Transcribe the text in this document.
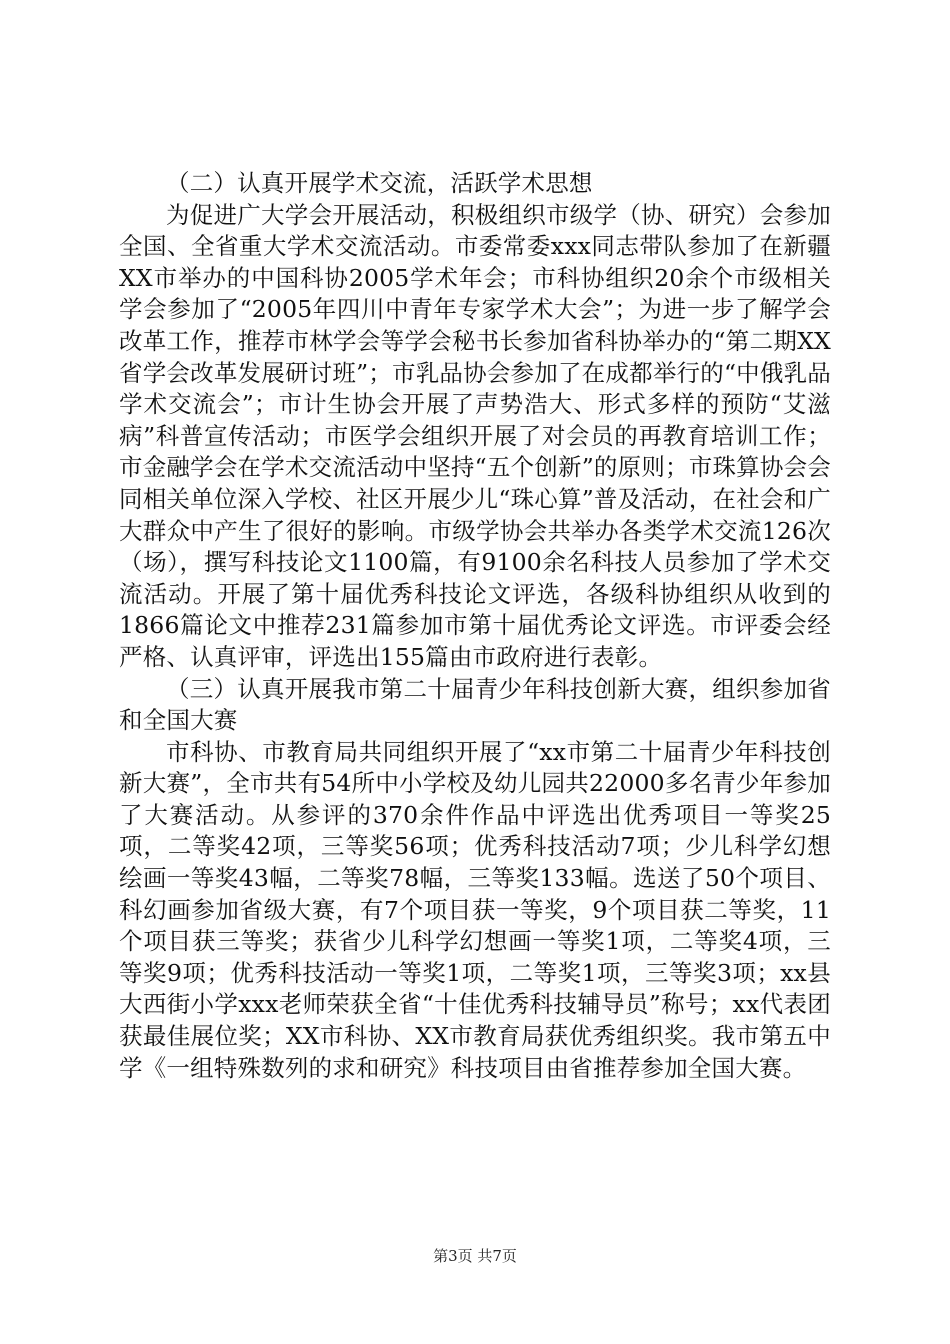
（二）认真开展学术交流，活跃学术思想

为促进广大学会开展活动，积极组织市级学（协、研究）会参加全国、全省重大学术交流活动。市委常委xxx同志带队参加了在新疆XX市举办的中国科协2005学术年会；市科协组织20余个市级相关学会参加了“2005年四川中青年专家学术大会”；为进一步了解学会改革工作，推荐市林学会等学会秘书长参加省科协举办的“第二期XX省学会改革发展研讨班”；市乳品协会参加了在成都举行的“中俄乳品学术交流会”；市计生协会开展了声势浩大、形式多样的预防“艾滋病”科普宣传活动；市医学会组织开展了对会员的再教育培训工作；市金融学会在学术交流活动中坚持“五个创新”的原则；市珠算协会会同相关单位深入学校、社区开展少儿“珠心算”普及活动，在社会和广大群众中产生了很好的影响。市级学协会共举办各类学术交流126次（场），撰写科技论文1100篇，有9100余名科技人员参加了学术交流活动。开展了第十届优秀科技论文评选，各级科协组织从收到的1866篇论文中推荐231篇参加市第十届优秀论文评选。市评委会经严格、认真评审，评选出155篇由市政府进行表彰。

（三）认真开展我市第二十届青少年科技创新大赛，组织参加省和全国大赛

市科协、市教育局共同组织开展了“xx市第二十届青少年科技创新大赛”，全市共有54所中小学校及幼儿园共22000多名青少年参加了大赛活动。从参评的370余件作品中评选出优秀项目一等奖25项，二等奖42项，三等奖56项；优秀科技活动7项；少儿科学幻想绘画一等奖43幅，二等奖78幅，三等奖133幅。选送了50个项目、科幻画参加省级大赛，有7个项目获一等奖，9个项目获二等奖，11个项目获三等奖；获省少儿科学幻想画一等奖1项，二等奖4项，三等奖9项；优秀科技活动一等奖1项，二等奖1项，三等奖3项；xx县大西街小学xxx老师荣获全省“十佳优秀科技辅导员”称号；xx代表团获最佳展位奖；XX市科协、XX市教育局获优秀组织奖。我市第五中学《一组特殊数列的求和研究》科技项目由省推荐参加全国大赛。

第3页 共7页
